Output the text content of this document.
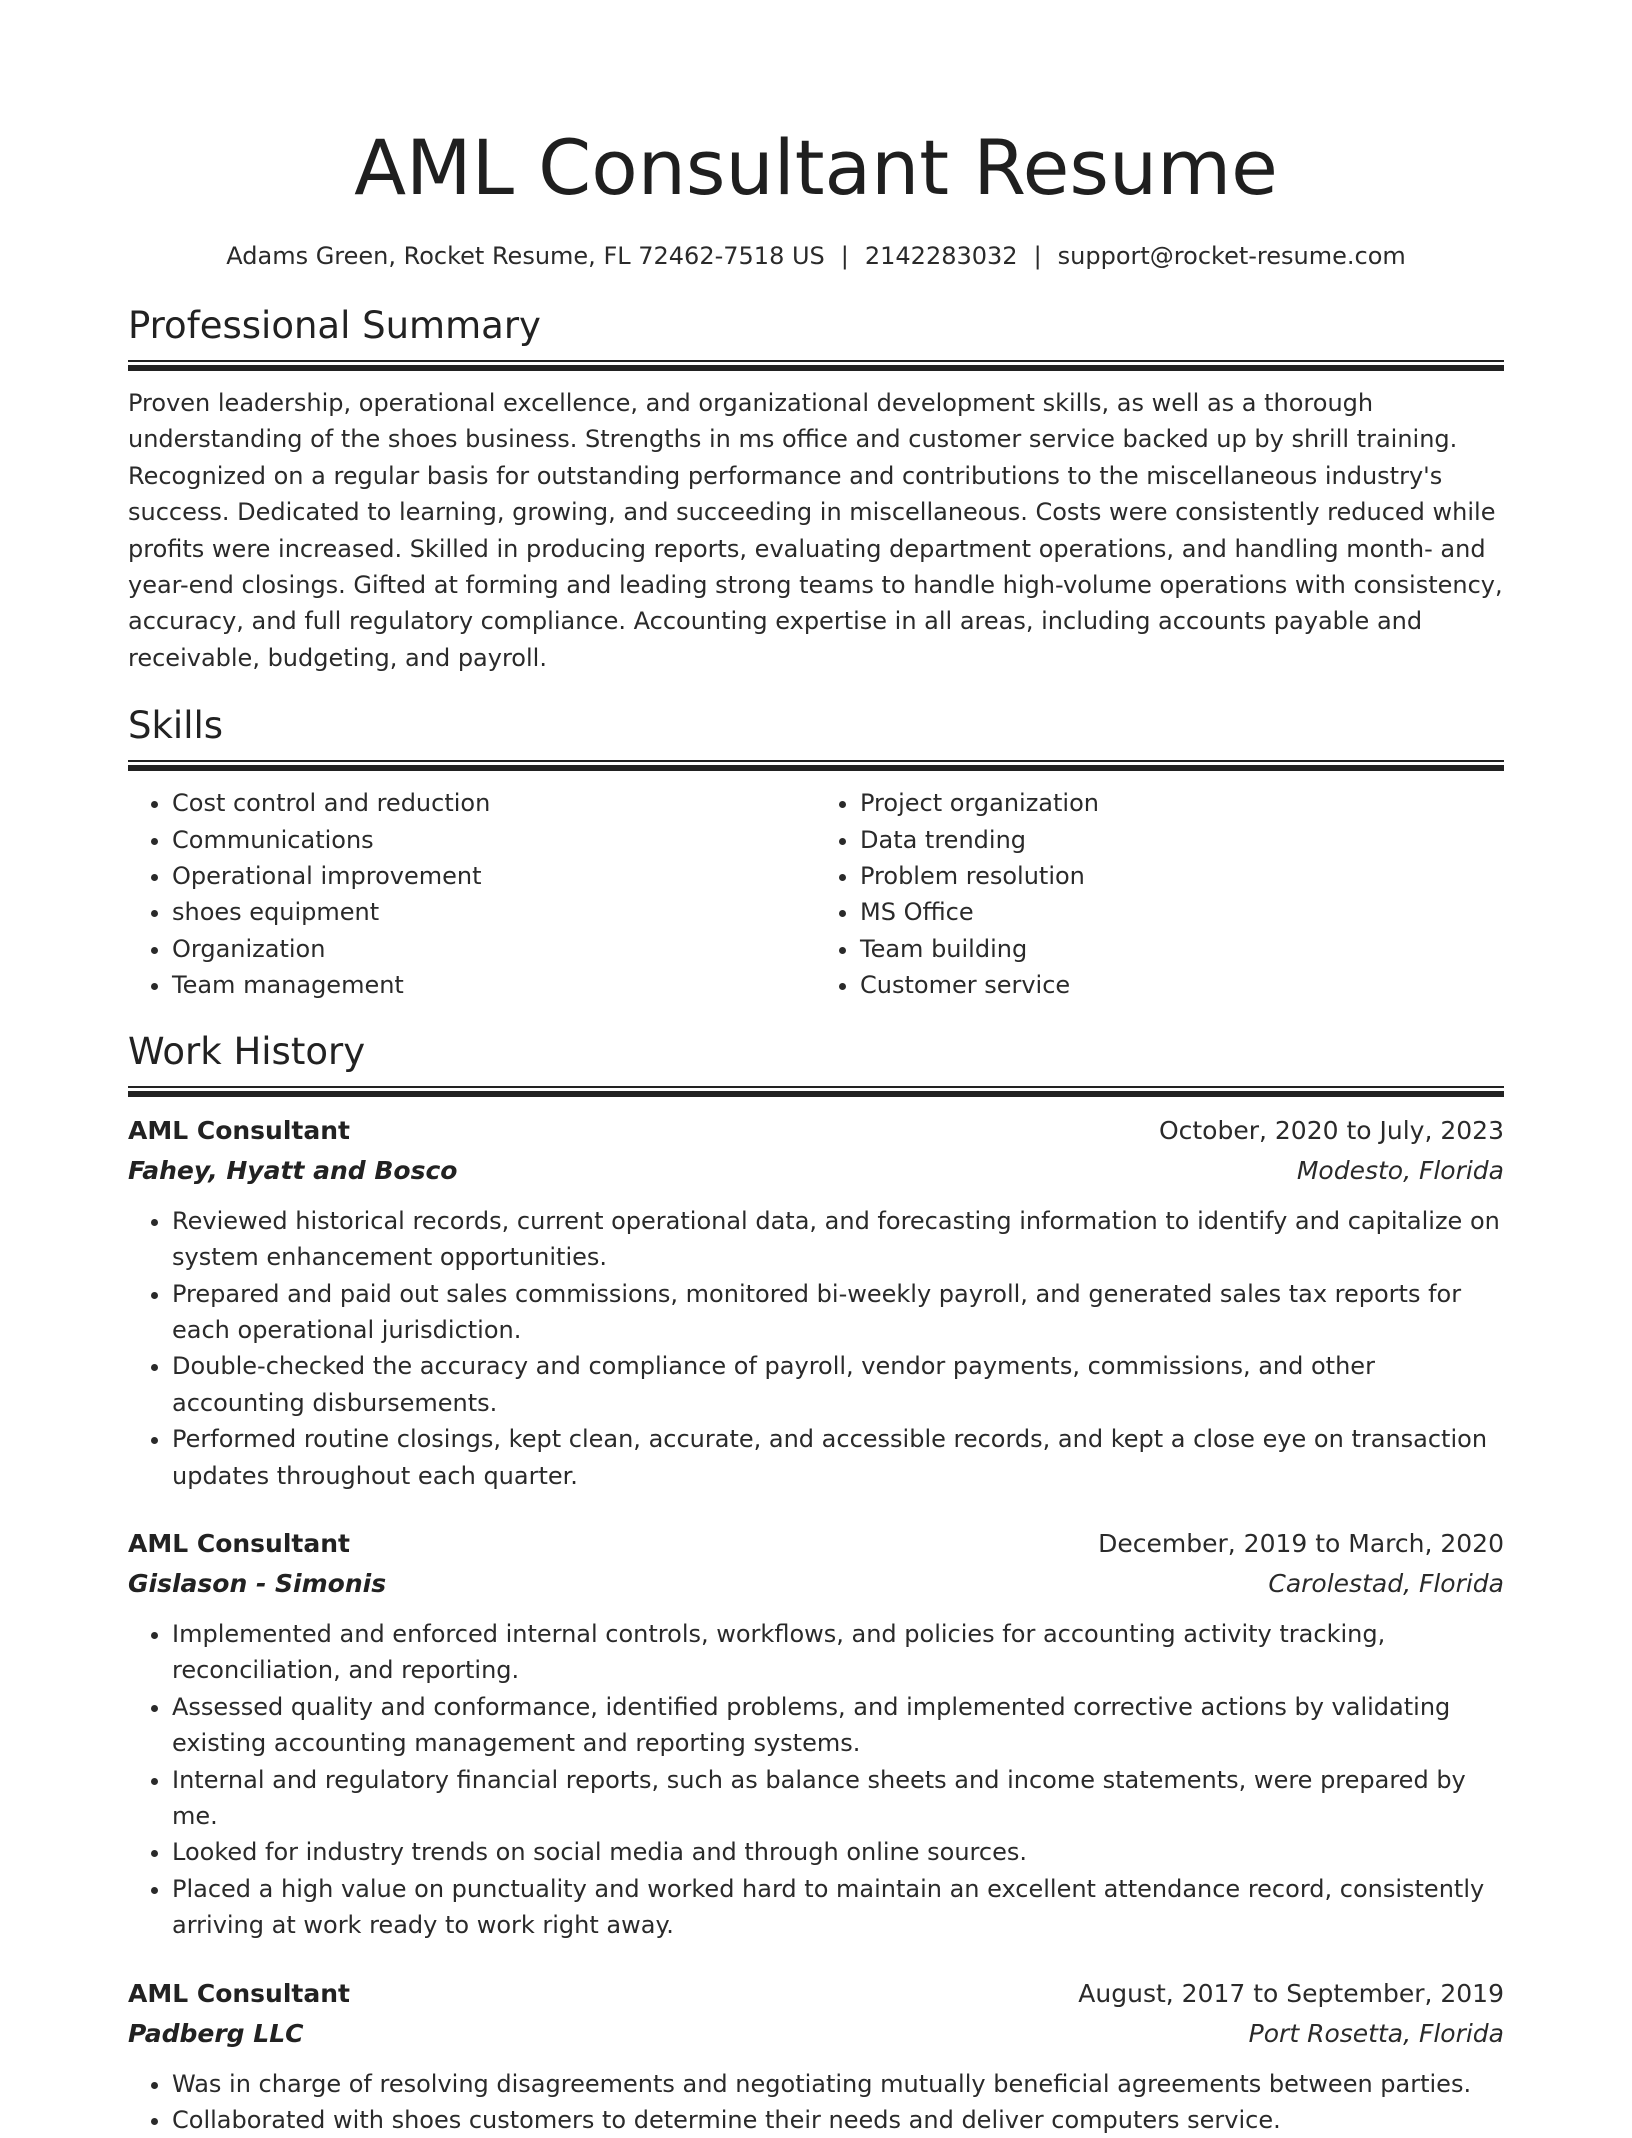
AML Consultant Resume
Adams Green, Rocket Resume, FL 72462-7518 US | 2142283032 | support@rocket-resume.com
Professional Summary
Proven leadership, operational excellence, and organizational development skills, as well as a thorough understanding of the shoes business. Strengths in ms office and customer service backed up by shrill training. Recognized on a regular basis for outstanding performance and contributions to the miscellaneous industry's success. Dedicated to learning, growing, and succeeding in miscellaneous. Costs were consistently reduced while profits were increased. Skilled in producing reports, evaluating department operations, and handling month- and year-end closings. Gifted at forming and leading strong teams to handle high-volume operations with consistency, accuracy, and full regulatory compliance. Accounting expertise in all areas, including accounts payable and receivable, budgeting, and payroll.
Skills
• Cost control and reduction
• Communications
• Operational improvement
• shoes equipment
• Organization
• Team management
• Project organization
• Data trending
• Problem resolution
• MS Office
• Team building
• Customer service
Work History
AML Consultant	October, 2020 to July, 2023
Fahey, Hyatt and Bosco	Modesto, Florida
• Reviewed historical records, current operational data, and forecasting information to identify and capitalize on system enhancement opportunities.
• Prepared and paid out sales commissions, monitored bi-weekly payroll, and generated sales tax reports for each operational jurisdiction.
• Double-checked the accuracy and compliance of payroll, vendor payments, commissions, and other accounting disbursements.
• Performed routine closings, kept clean, accurate, and accessible records, and kept a close eye on transaction updates throughout each quarter.
AML Consultant	December, 2019 to March, 2020
Gislason - Simonis	Carolestad, Florida
• Implemented and enforced internal controls, workflows, and policies for accounting activity tracking, reconciliation, and reporting.
• Assessed quality and conformance, identified problems, and implemented corrective actions by validating existing accounting management and reporting systems.
• Internal and regulatory financial reports, such as balance sheets and income statements, were prepared by me.
• Looked for industry trends on social media and through online sources.
• Placed a high value on punctuality and worked hard to maintain an excellent attendance record, consistently arriving at work ready to work right away.
AML Consultant	August, 2017 to September, 2019
Padberg LLC	Port Rosetta, Florida
• Was in charge of resolving disagreements and negotiating mutually beneficial agreements between parties.
• Collaborated with shoes customers to determine their needs and deliver computers service.
